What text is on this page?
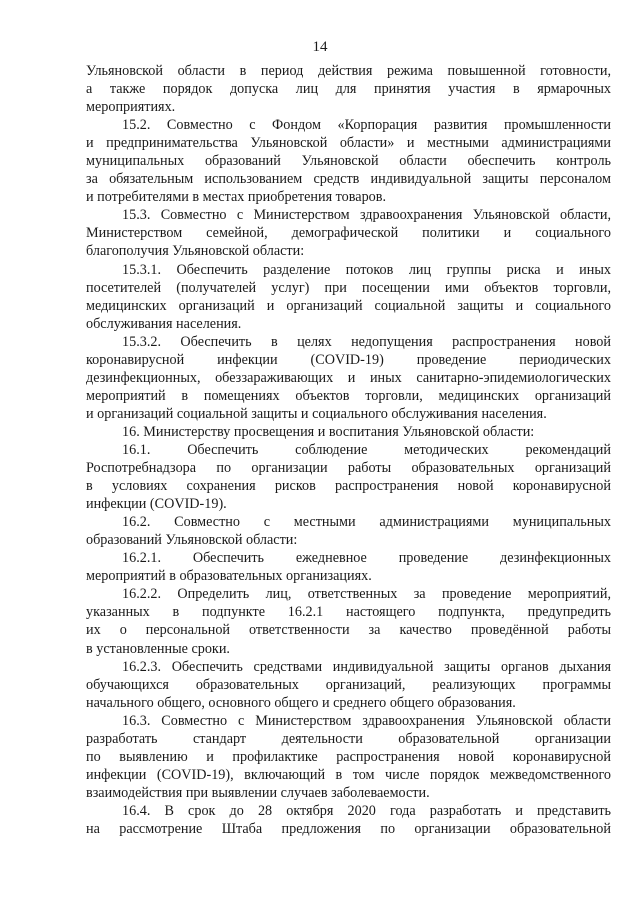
14
Ульяновской области в период действия режима повышенной готовности,
а также порядок допуска лиц для принятия участия в ярмарочных
мероприятиях.
15.2. Совместно с Фондом «Корпорация развития промышленности
и предпринимательства Ульяновской области» и местными администрациями
муниципальных образований Ульяновской области обеспечить контроль
за обязательным использованием средств индивидуальной защиты персоналом
и потребителями в местах приобретения товаров.
15.3. Совместно с Министерством здравоохранения Ульяновской области,
Министерством семейной, демографической политики и социального
благополучия Ульяновской области:
15.3.1. Обеспечить разделение потоков лиц группы риска и иных
посетителей (получателей услуг) при посещении ими объектов торговли,
медицинских организаций и организаций социальной защиты и социального
обслуживания населения.
15.3.2. Обеспечить в целях недопущения распространения новой
коронавирусной инфекции (COVID-19) проведение периодических
дезинфекционных, обеззараживающих и иных санитарно-эпидемиологических
мероприятий в помещениях объектов торговли, медицинских организаций
и организаций социальной защиты и социального обслуживания населения.
16. Министерству просвещения и воспитания Ульяновской области:
16.1. Обеспечить соблюдение методических рекомендаций
Роспотребнадзора по организации работы образовательных организаций
в условиях сохранения рисков распространения новой коронавирусной
инфекции (COVID-19).
16.2. Совместно с местными администрациями муниципальных
образований Ульяновской области:
16.2.1. Обеспечить ежедневное проведение дезинфекционных
мероприятий в образовательных организациях.
16.2.2. Определить лиц, ответственных за проведение мероприятий,
указанных в подпункте 16.2.1 настоящего подпункта, предупредить
их о персональной ответственности за качество проведённой работы
в установленные сроки.
16.2.3. Обеспечить средствами индивидуальной защиты органов дыхания
обучающихся образовательных организаций, реализующих программы
начального общего, основного общего и среднего общего образования.
16.3. Совместно с Министерством здравоохранения Ульяновской области
разработать стандарт деятельности образовательной организации
по выявлению и профилактике распространения новой коронавирусной
инфекции (COVID-19), включающий в том числе порядок межведомственного
взаимодействия при выявлении случаев заболеваемости.
16.4. В срок до 28 октября 2020 года разработать и представить
на рассмотрение Штаба предложения по организации образовательной
